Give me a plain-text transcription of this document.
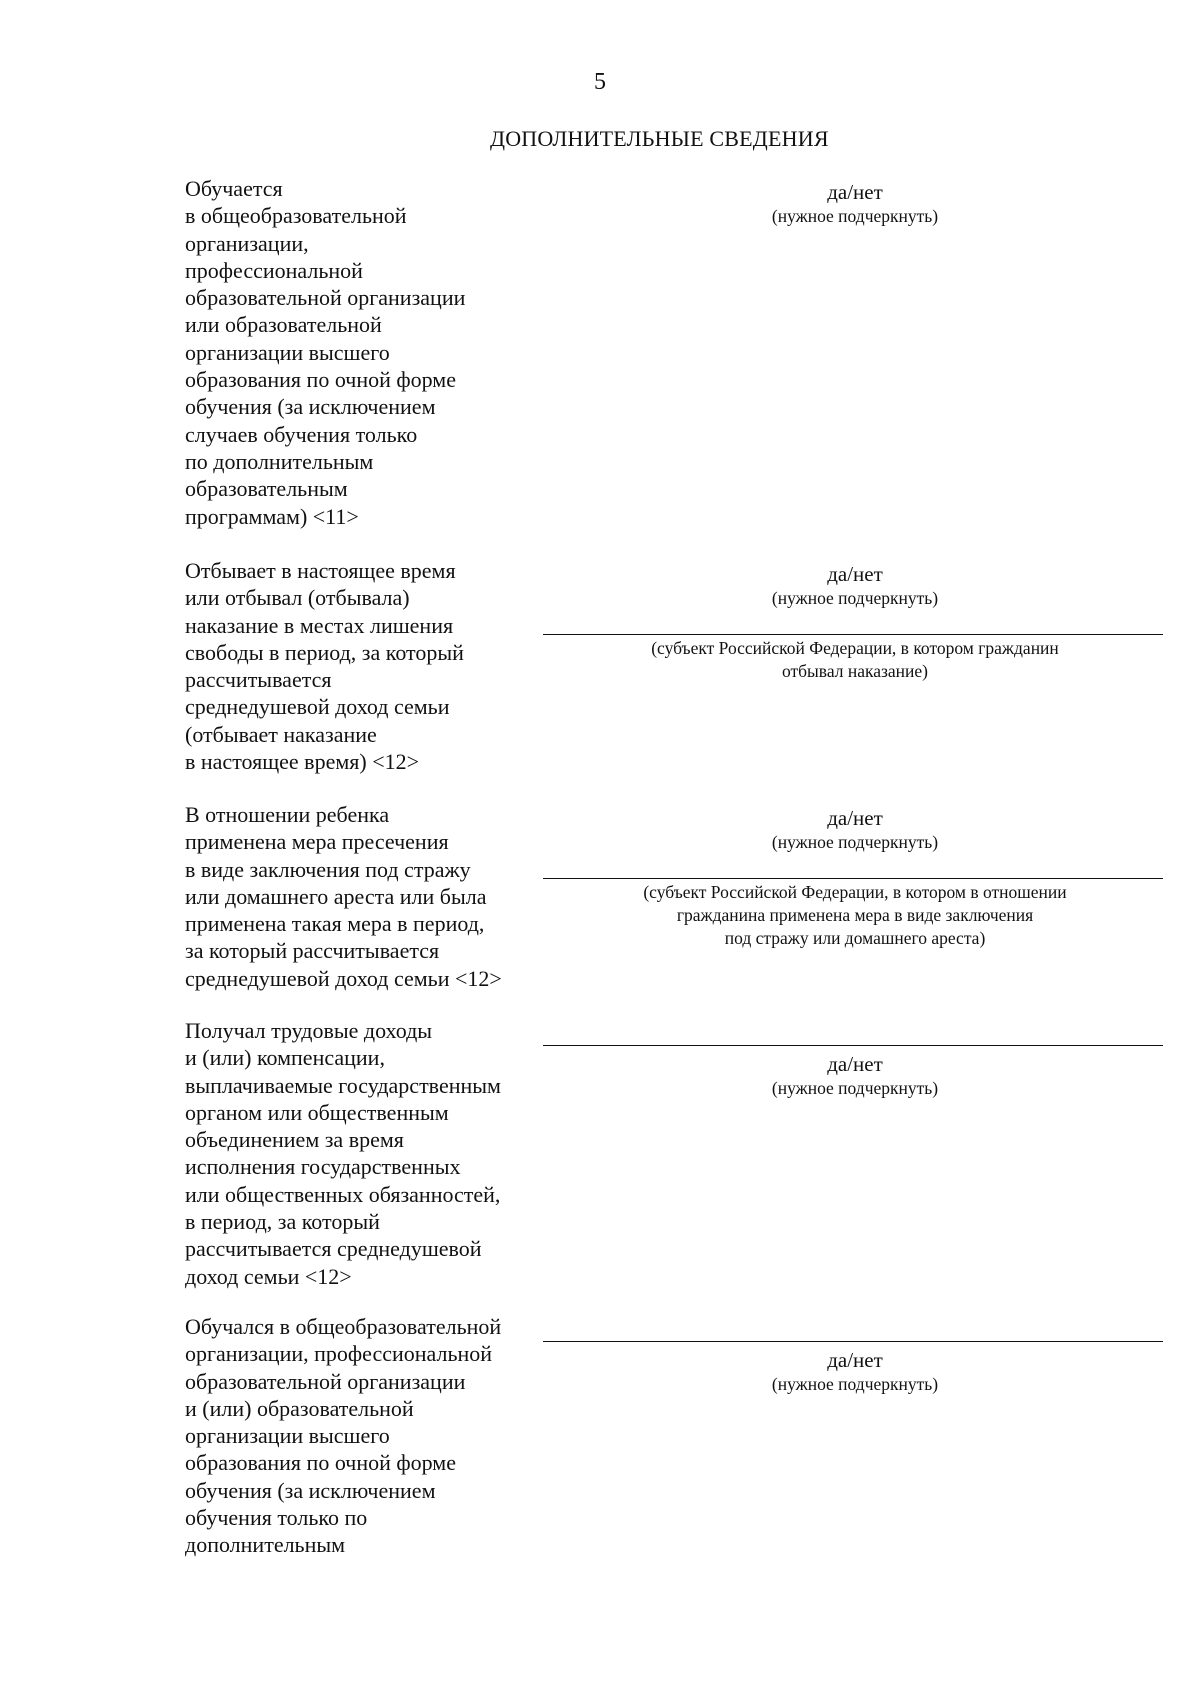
5
ДОПОЛНИТЕЛЬНЫЕ СВЕДЕНИЯ
Обучается
в общеобразовательной
организации,
профессиональной
образовательной организации
или образовательной
организации высшего
образования по очной форме
обучения (за исключением
случаев обучения только
по дополнительным
образовательным
программам) <11>
да/нет
(нужное подчеркнуть)
Отбывает в настоящее время
или отбывал (отбывала)
наказание в местах лишения
свободы в период, за который
рассчитывается
среднедушевой доход семьи
(отбывает наказание
в настоящее время) <12>
да/нет
(нужное подчеркнуть)
(субъект Российской Федерации, в котором гражданин
отбывал наказание)
В отношении ребенка
применена мера пресечения
в виде заключения под стражу
или домашнего ареста или была
применена такая мера в период,
за который рассчитывается
среднедушевой доход семьи <12>
да/нет
(нужное подчеркнуть)
(субъект Российской Федерации, в котором в отношении
гражданина применена мера в виде заключения
под стражу или домашнего ареста)
Получал трудовые доходы
и (или) компенсации,
выплачиваемые государственным
органом или общественным
объединением за время
исполнения государственных
или общественных обязанностей,
в период, за который
рассчитывается среднедушевой
доход семьи <12>
да/нет
(нужное подчеркнуть)
Обучался в общеобразовательной
организации, профессиональной
образовательной организации
и (или) образовательной
организации высшего
образования по очной форме
обучения (за исключением
обучения только по
дополнительным
да/нет
(нужное подчеркнуть)
